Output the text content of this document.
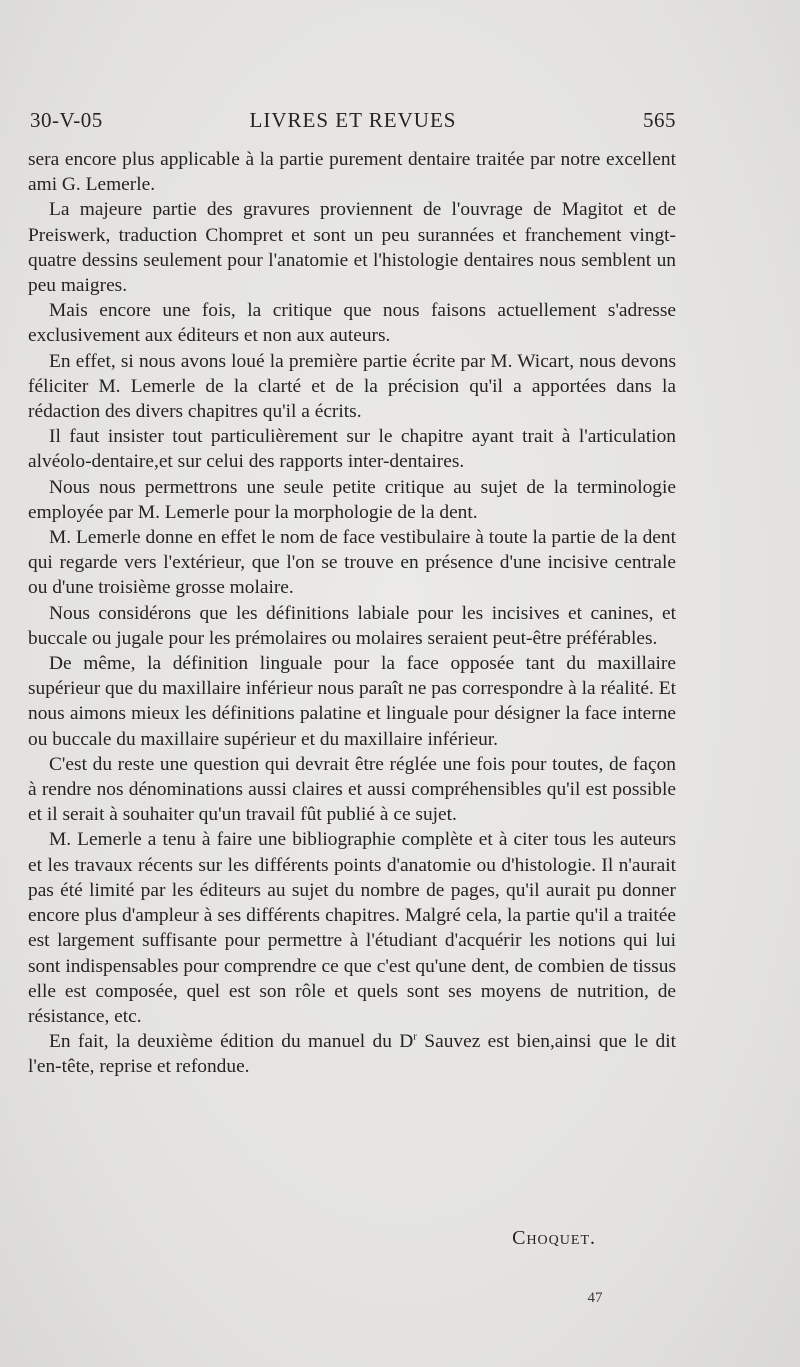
30-V-05	LIVRES ET REVUES	565

sera encore plus applicable à la partie purement dentaire traitée par notre excellent ami G. Lemerle.

La majeure partie des gravures proviennent de l'ouvrage de Magitot et de Preiswerk, traduction Chompret et sont un peu surannées et franchement vingt-quatre dessins seulement pour l'anatomie et l'histologie dentaires nous semblent un peu maigres.

Mais encore une fois, la critique que nous faisons actuellement s'adresse exclusivement aux éditeurs et non aux auteurs.

En effet, si nous avons loué la première partie écrite par M. Wicart, nous devons féliciter M. Lemerle de la clarté et de la précision qu'il a apportées dans la rédaction des divers chapitres qu'il a écrits.

Il faut insister tout particulièrement sur le chapitre ayant trait à l'articulation alvéolo-dentaire,et sur celui des rapports inter-dentaires.

Nous nous permettrons une seule petite critique au sujet de la terminologie employée par M. Lemerle pour la morphologie de la dent.

M. Lemerle donne en effet le nom de face vestibulaire à toute la partie de la dent qui regarde vers l'extérieur, que l'on se trouve en présence d'une incisive centrale ou d'une troisième grosse molaire.

Nous considérons que les définitions labiale pour les incisives et canines, et buccale ou jugale pour les prémolaires ou molaires seraient peut-être préférables.

De même, la définition linguale pour la face opposée tant du maxillaire supérieur que du maxillaire inférieur nous paraît ne pas correspondre à la réalité. Et nous aimons mieux les définitions palatine et linguale pour désigner la face interne ou buccale du maxillaire supérieur et du maxillaire inférieur.

C'est du reste une question qui devrait être réglée une fois pour toutes, de façon à rendre nos dénominations aussi claires et aussi compréhensibles qu'il est possible et il serait à souhaiter qu'un travail fût publié à ce sujet.

M. Lemerle a tenu à faire une bibliographie complète et à citer tous les auteurs et les travaux récents sur les différents points d'anatomie ou d'histologie. Il n'aurait pas été limité par les éditeurs au sujet du nombre de pages, qu'il aurait pu donner encore plus d'ampleur à ses différents chapitres. Malgré cela, la partie qu'il a traitée est largement suffisante pour permettre à l'étudiant d'acquérir les notions qui lui sont indispensables pour comprendre ce que c'est qu'une dent, de combien de tissus elle est composée, quel est son rôle et quels sont ses moyens de nutrition, de résistance, etc.

En fait, la deuxième édition du manuel du $D^r$ Sauvez est bien,ainsi que le dit l'en-tête, reprise et refondue.

Choquet.
47
